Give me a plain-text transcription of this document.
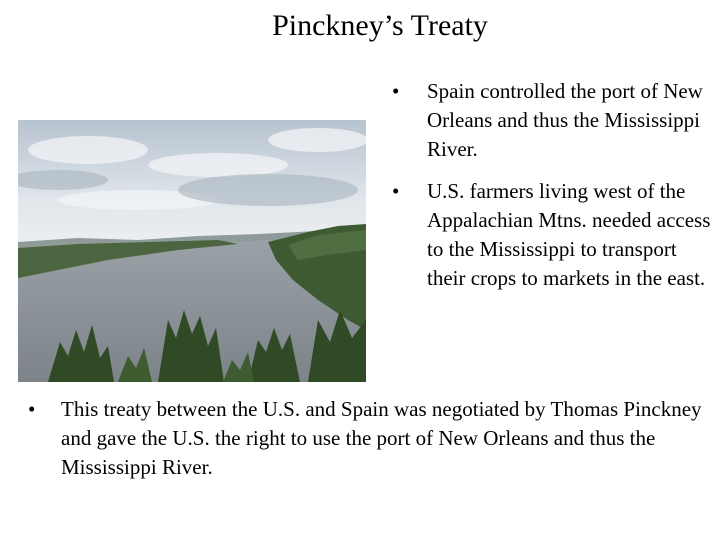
Pinckney’s Treaty
• Spain controlled the port of New Orleans and thus the Mississippi River.
• U.S. farmers living west of the Appalachian Mtns. needed access to the Mississippi to transport their crops to markets in the east.
• This treaty between the U.S. and Spain was negotiated by Thomas Pinckney and gave the U.S. the right to use the port of New Orleans and thus the Mississippi River.
